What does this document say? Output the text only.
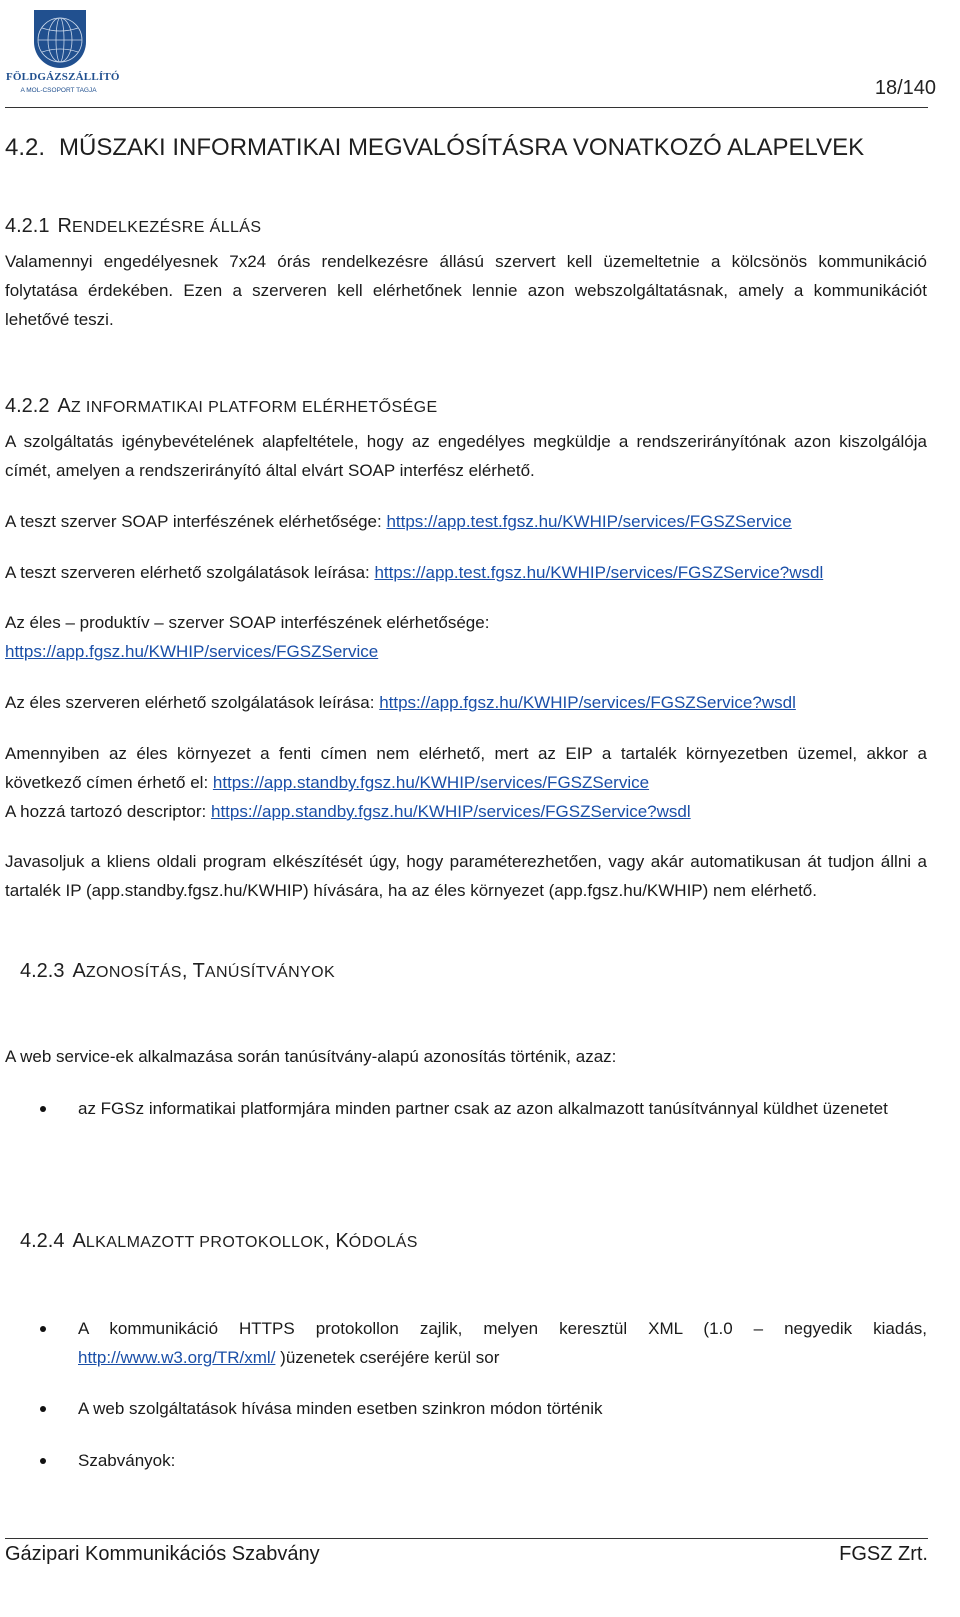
FÖLDGÁZSZÁLLÍTÓ
A MOL-CSOPORT TAGJA	18/140
4.2. MŰSZAKI INFORMATIKAI MEGVALÓSÍTÁSRA VONATKOZÓ ALAPELVEK
4.2.1 RENDELKEZÉSRE ÁLLÁS
Valamennyi engedélyesnek 7x24 órás rendelkezésre állású szervert kell üzemeltetnie a kölcsönös kommunikáció folytatása érdekében. Ezen a szerveren kell elérhetőnek lennie azon webszolgáltatásnak, amely a kommunikációt lehetővé teszi.
4.2.2 AZ INFORMATIKAI PLATFORM ELÉRHETŐSÉGE
A szolgáltatás igénybevételének alapfeltétele, hogy az engedélyes megküldje a rendszerirányítónak azon kiszolgálója címét, amelyen a rendszerirányító által elvárt SOAP interfész elérhető.
A teszt szerver SOAP interfészének elérhetősége: https://app.test.fgsz.hu/KWHIP/services/FGSZService
A teszt szerveren elérhető szolgálatások leírása: https://app.test.fgsz.hu/KWHIP/services/FGSZService?wsdl
Az éles – produktív – szerver SOAP interfészének elérhetősége:
https://app.fgsz.hu/KWHIP/services/FGSZService
Az éles szerveren elérhető szolgálatások leírása: https://app.fgsz.hu/KWHIP/services/FGSZService?wsdl
Amennyiben az éles környezet a fenti címen nem elérhető, mert az EIP a tartalék környezetben üzemel, akkor a
következő címen érhető el: https://app.standby.fgsz.hu/KWHIP/services/FGSZService
A hozzá tartozó descriptor: https://app.standby.fgsz.hu/KWHIP/services/FGSZService?wsdl
Javasoljuk a kliens oldali program elkészítését úgy, hogy paraméterezhetően, vagy akár automatikusan át tudjon állni a tartalék IP (app.standby.fgsz.hu/KWHIP) hívására, ha az éles környezet (app.fgsz.hu/KWHIP) nem elérhető.
4.2.3 AZONOSÍTÁS, TANÚSÍTVÁNYOK
A web service-ek alkalmazása során tanúsítvány-alapú azonosítás történik, azaz:
az FGSz informatikai platformjára minden partner csak az azon alkalmazott tanúsítvánnyal küldhet üzenetet
4.2.4 ALKALMAZOTT PROTOKOLLOK, KÓDOLÁS
A kommunikáció HTTPS protokollon zajlik, melyen keresztül XML (1.0 – negyedik kiadás,
http://www.w3.org/TR/xml/ )üzenetek cseréjére kerül sor
A web szolgáltatások hívása minden esetben szinkron módon történik
Szabványok:
Gázipari Kommunikációs Szabvány	FGSZ Zrt.
